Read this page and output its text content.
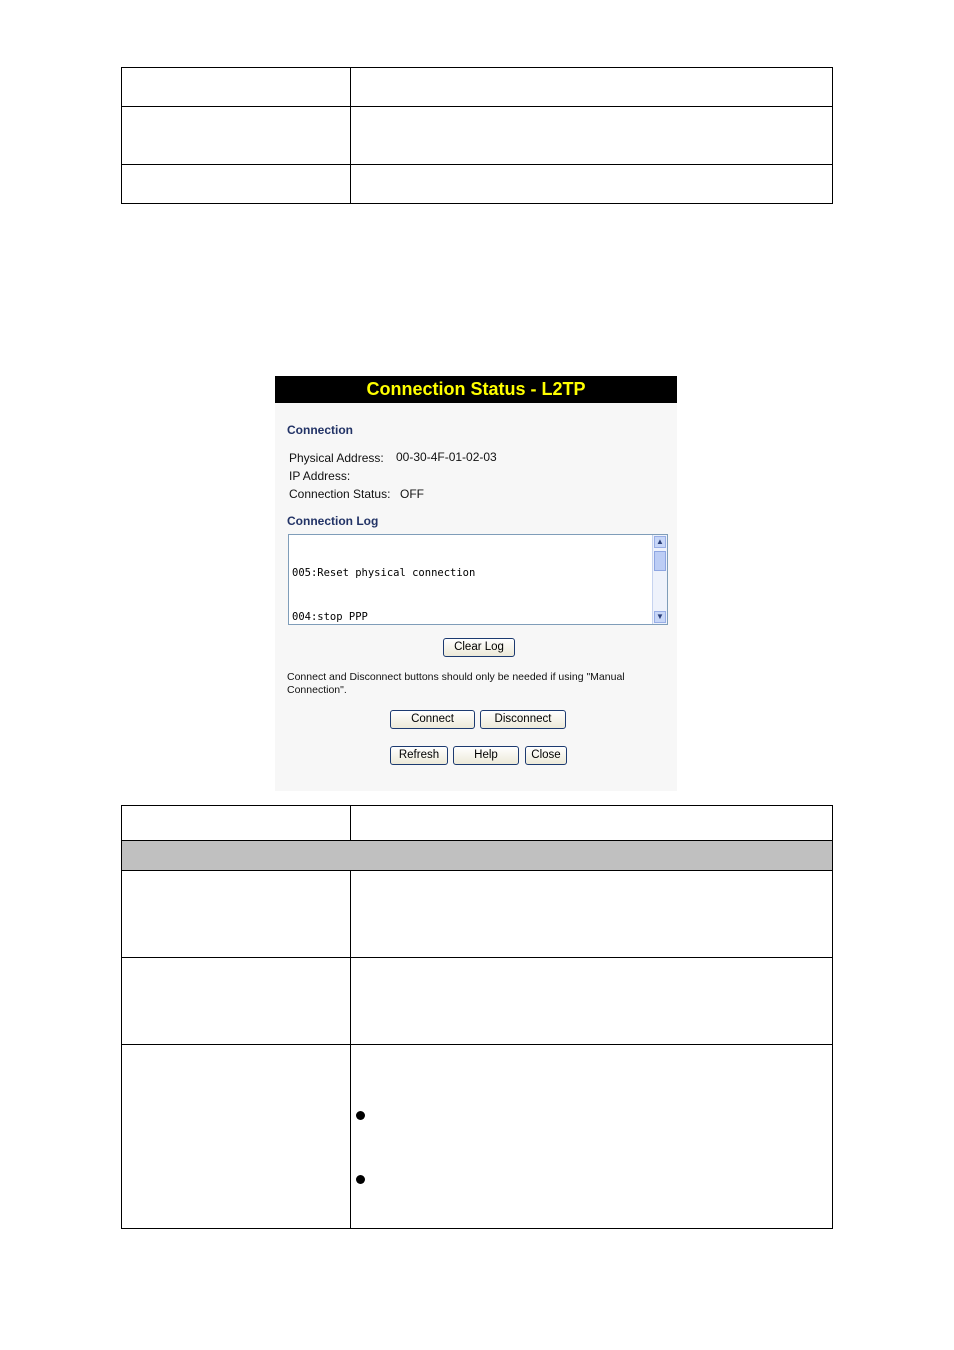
Connection Status - L2TP
Connection
Physical Address: 00-30-4F-01-02-03
IP Address:
Connection Status: OFF
Connection Log

005:Reset physical connection

004:stop PPP

▲
▼
Clear Log
Connect and Disconnect buttons should only be needed if using "Manual Connection".
Connect	Disconnect
Refresh	Help	Close
